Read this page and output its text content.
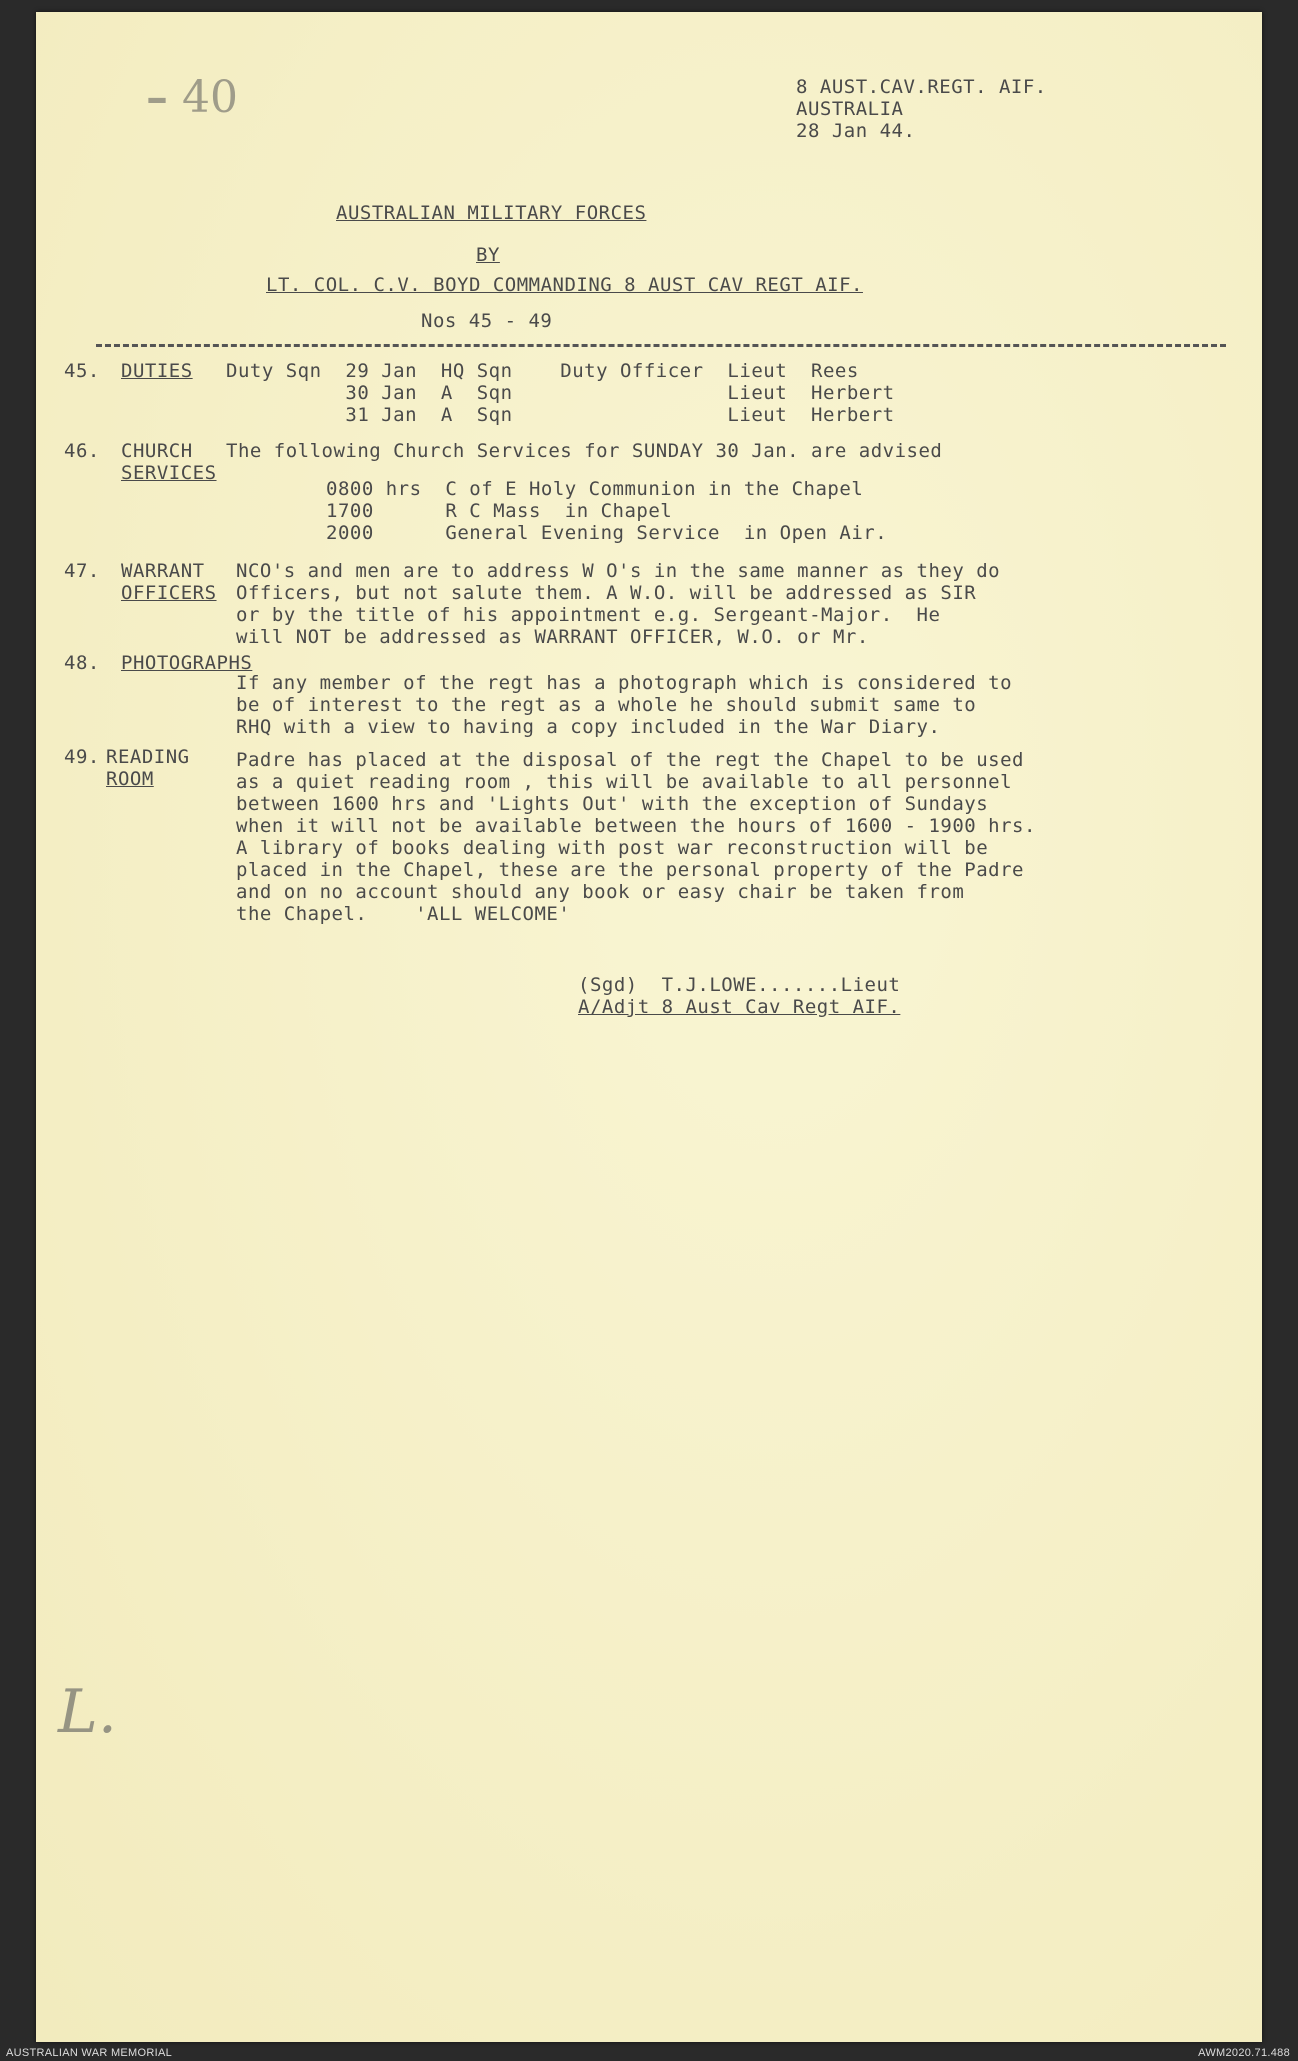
– 40	8 AUST.CAV.REGT. AIF.
AUSTRALIA
28 Jan 44.
AUSTRALIAN MILITARY FORCES
BY
LT. COL. C.V. BOYD COMMANDING 8 AUST CAV REGT AIF.
Nos 45 - 49
45. DUTIES Duty Sqn  29 Jan  HQ Sqn    Duty Officer  Lieut  Rees
30 Jan  A  Sqn                  Lieut  Herbert
31 Jan  A  Sqn                  Lieut  Herbert
46. CHURCH
SERVICES
The following Church Services for SUNDAY 30 Jan. are advised
0800 hrs  C of E Holy Communion in the Chapel
1700      R C Mass  in Chapel
2000      General Evening Service  in Open Air.
47. WARRANT
OFFICERS
NCO's and men are to address W O's in the same manner as they do
Officers, but not salute them. A W.O. will be addressed as SIR
or by the title of his appointment e.g. Sergeant-Major.  He
will NOT be addressed as WARRANT OFFICER, W.O. or Mr.
48. PHOTOGRAPHS
If any member of the regt has a photograph which is considered to
be of interest to the regt as a whole he should submit same to
RHQ with a view to having a copy included in the War Diary.
49. READING
ROOM
Padre has placed at the disposal of the regt the Chapel to be used
as a quiet reading room , this will be available to all personnel
between 1600 hrs and 'Lights Out' with the exception of Sundays
when it will not be available between the hours of 1600 - 1900 hrs.
A library of books dealing with post war reconstruction will be
placed in the Chapel, these are the personal property of the Padre
and on no account should any book or easy chair be taken from
the Chapel.    'ALL WELCOME'
(Sgd)  T.J.LOWE.......Lieut
A/Adjt 8 Aust Cav Regt AIF.
L.
AUSTRALIAN WAR MEMORIAL	AWM2020.71.488
